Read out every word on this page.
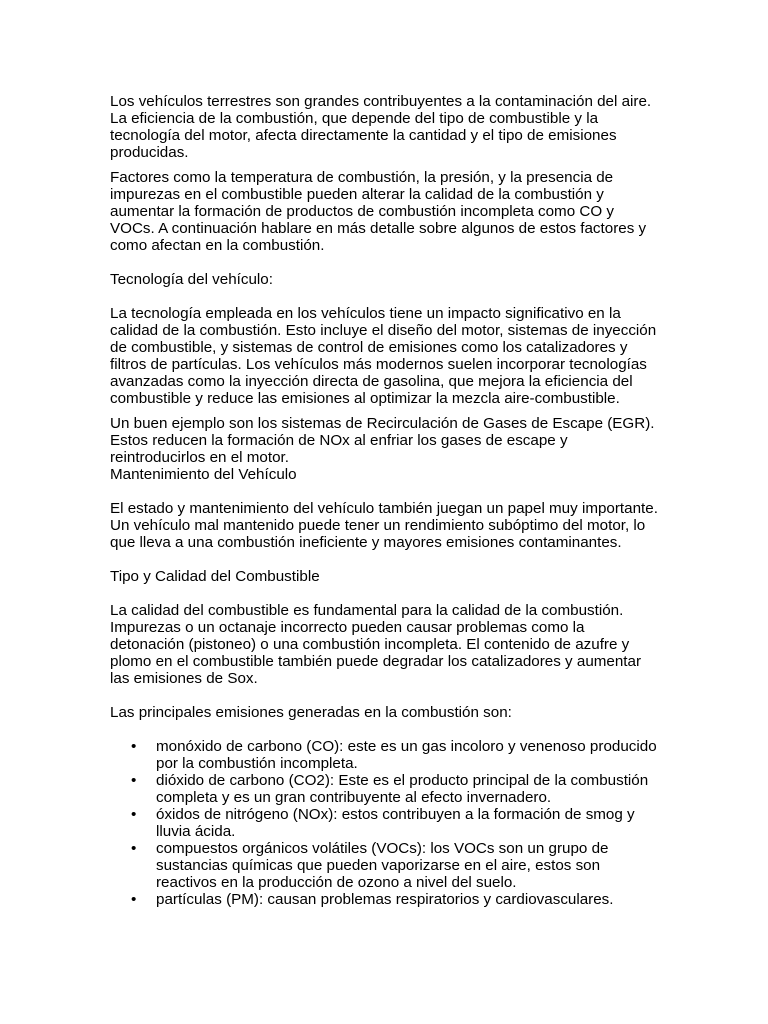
Los vehículos terrestres son grandes contribuyentes a la contaminación del aire. La eficiencia de la combustión, que depende del tipo de combustible y la tecnología del motor, afecta directamente la cantidad y el tipo de emisiones producidas.

Factores como la temperatura de combustión, la presión, y la presencia de impurezas en el combustible pueden alterar la calidad de la combustión y aumentar la formación de productos de combustión incompleta como CO y VOCs. A continuación hablare en más detalle sobre algunos de estos factores y como afectan en la combustión.

Tecnología del vehículo:

La tecnología empleada en los vehículos tiene un impacto significativo en la calidad de la combustión. Esto incluye el diseño del motor, sistemas de inyección de combustible, y sistemas de control de emisiones como los catalizadores y filtros de partículas. Los vehículos más modernos suelen incorporar tecnologías avanzadas como la inyección directa de gasolina, que mejora la eficiencia del combustible y reduce las emisiones al optimizar la mezcla aire-combustible.

Un buen ejemplo son los sistemas de Recirculación de Gases de Escape (EGR). Estos reducen la formación de NOx al enfriar los gases de escape y reintroducirlos en el motor.

Mantenimiento del Vehículo

El estado y mantenimiento del vehículo también juegan un papel muy importante. Un vehículo mal mantenido puede tener un rendimiento subóptimo del motor, lo que lleva a una combustión ineficiente y mayores emisiones contaminantes.

Tipo y Calidad del Combustible

La calidad del combustible es fundamental para la calidad de la combustión. Impurezas o un octanaje incorrecto pueden causar problemas como la detonación (pistoneo) o una combustión incompleta. El contenido de azufre y plomo en el combustible también puede degradar los catalizadores y aumentar las emisiones de Sox.

Las principales emisiones generadas en la combustión son:

• monóxido de carbono (CO): este es un gas incoloro y venenoso producido por la combustión incompleta.
• dióxido de carbono (CO2): Este es el producto principal de la combustión completa y es un gran contribuyente al efecto invernadero.
• óxidos de nitrógeno (NOx): estos contribuyen a la formación de smog y lluvia ácida.
• compuestos orgánicos volátiles (VOCs): los VOCs son un grupo de sustancias químicas que pueden vaporizarse en el aire, estos son reactivos en la producción de ozono a nivel del suelo.
• partículas (PM): causan problemas respiratorios y cardiovasculares.
